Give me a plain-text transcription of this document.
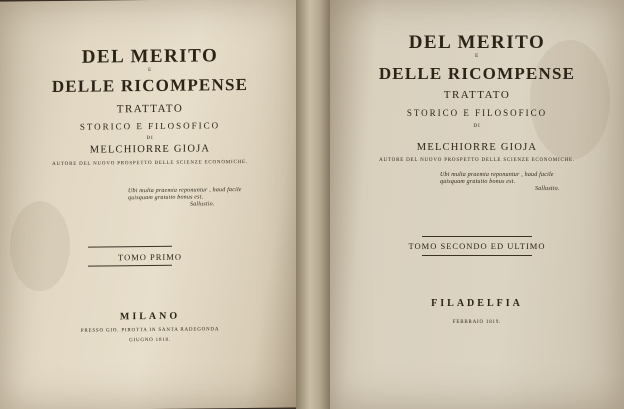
DEL MERITO
E
DELLE RICOMPENSE
TRATTATO
STORICO E FILOSOFICO
DI
MELCHIORRE GIOJA
AUTORE DEL NUOVO PROSPETTO DELLE SCIENZE ECONOMICHE.
Ubi multa praemia reponuntur , haud facile
quisquam gratuito bonus est.
Sallustio.
TOMO PRIMO
MILANO
PRESSO GIO. PIROTTA IN SANTA RADEGONDA
GIUGNO 1818.
DEL MERITO
E
DELLE RICOMPENSE
TRATTATO
STORICO E FILOSOFICO
DI
MELCHIORRE GIOJA
AUTORE DEL NUOVO PROSPETTO DELLE SCIENZE ECONOMICHE.
Ubi multa praemia reponuntur , haud facile
quisquam gratuito bonus est.
Sallustio.
TOMO SECONDO ED ULTIMO
FILADELFIA
FEBBRAIO 1819.
